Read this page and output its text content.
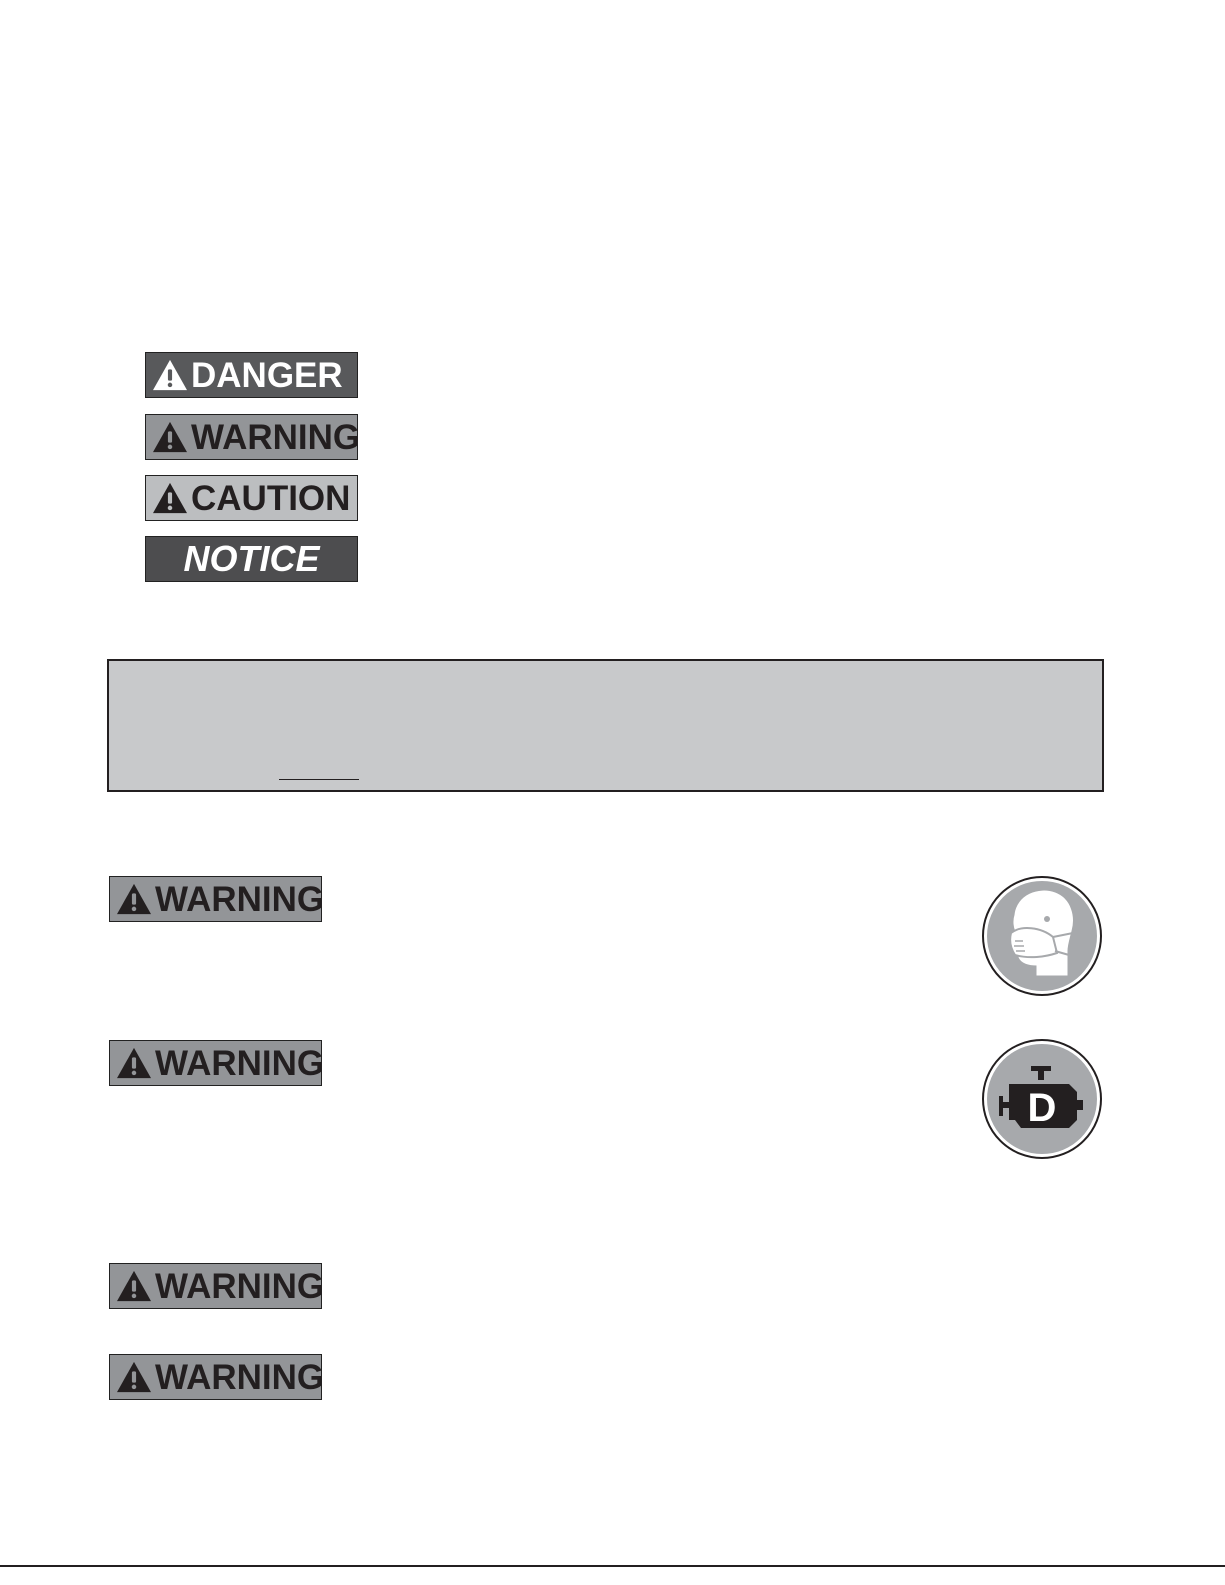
DANGER
WARNING
CAUTION
NOTICE
WARNING
WARNING
D
WARNING
WARNING
